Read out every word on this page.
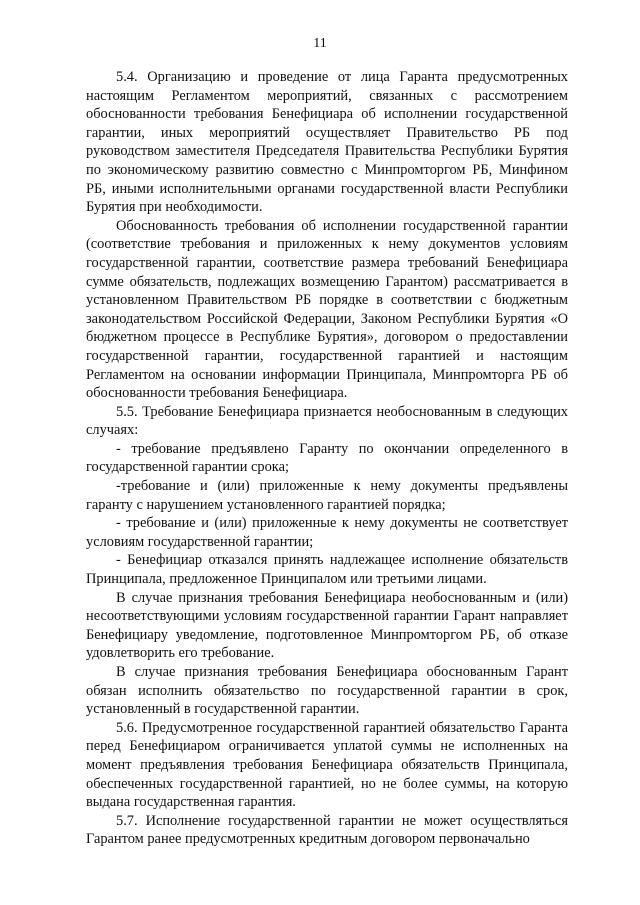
11

5.4. Организацию и проведение от лица Гаранта предусмотренных настоящим Регламентом мероприятий, связанных с рассмотрением обоснованности требования Бенефициара об исполнении государственной гарантии, иных мероприятий осуществляет Правительство РБ под руководством заместителя Председателя Правительства Республики Бурятия по экономическому развитию совместно с Минпромторгом РБ, Минфином РБ, иными исполнительными органами государственной власти Республики Бурятия при необходимости.

Обоснованность требования об исполнении государственной гарантии (соответствие требования и приложенных к нему документов условиям государственной гарантии, соответствие размера требований Бенефициара сумме обязательств, подлежащих возмещению Гарантом) рассматривается в установленном Правительством РБ порядке в соответствии с бюджетным законодательством Российской Федерации, Законом Республики Бурятия «О бюджетном процессе в Республике Бурятия», договором о предоставлении государственной гарантии, государственной гарантией и настоящим Регламентом на основании информации Принципала, Минпромторга РБ об обоснованности требования Бенефициара.

5.5. Требование Бенефициара признается необоснованным в следующих случаях:

- требование предъявлено Гаранту по окончании определенного в государственной гарантии срока;

-требование и (или) приложенные к нему документы предъявлены гаранту с нарушением установленного гарантией порядка;

- требование и (или) приложенные к нему документы не соответствует условиям государственной гарантии;

- Бенефициар отказался принять надлежащее исполнение обязательств Принципала, предложенное Принципалом или третьими лицами.

В случае признания требования Бенефициара необоснованным и (или) несоответствующими условиям государственной гарантии Гарант направляет Бенефициару уведомление, подготовленное Минпромторгом РБ, об отказе удовлетворить его требование.

В случае признания требования Бенефициара обоснованным Гарант обязан исполнить обязательство по государственной гарантии в срок, установленный в государственной гарантии.

5.6. Предусмотренное государственной гарантией обязательство Гаранта перед Бенефициаром ограничивается уплатой суммы не исполненных на момент предъявления требования Бенефициара обязательств Принципала, обеспеченных государственной гарантией, но не более суммы, на которую выдана государственная гарантия.

5.7. Исполнение государственной гарантии не может осуществляться Гарантом ранее предусмотренных кредитным договором первоначально
